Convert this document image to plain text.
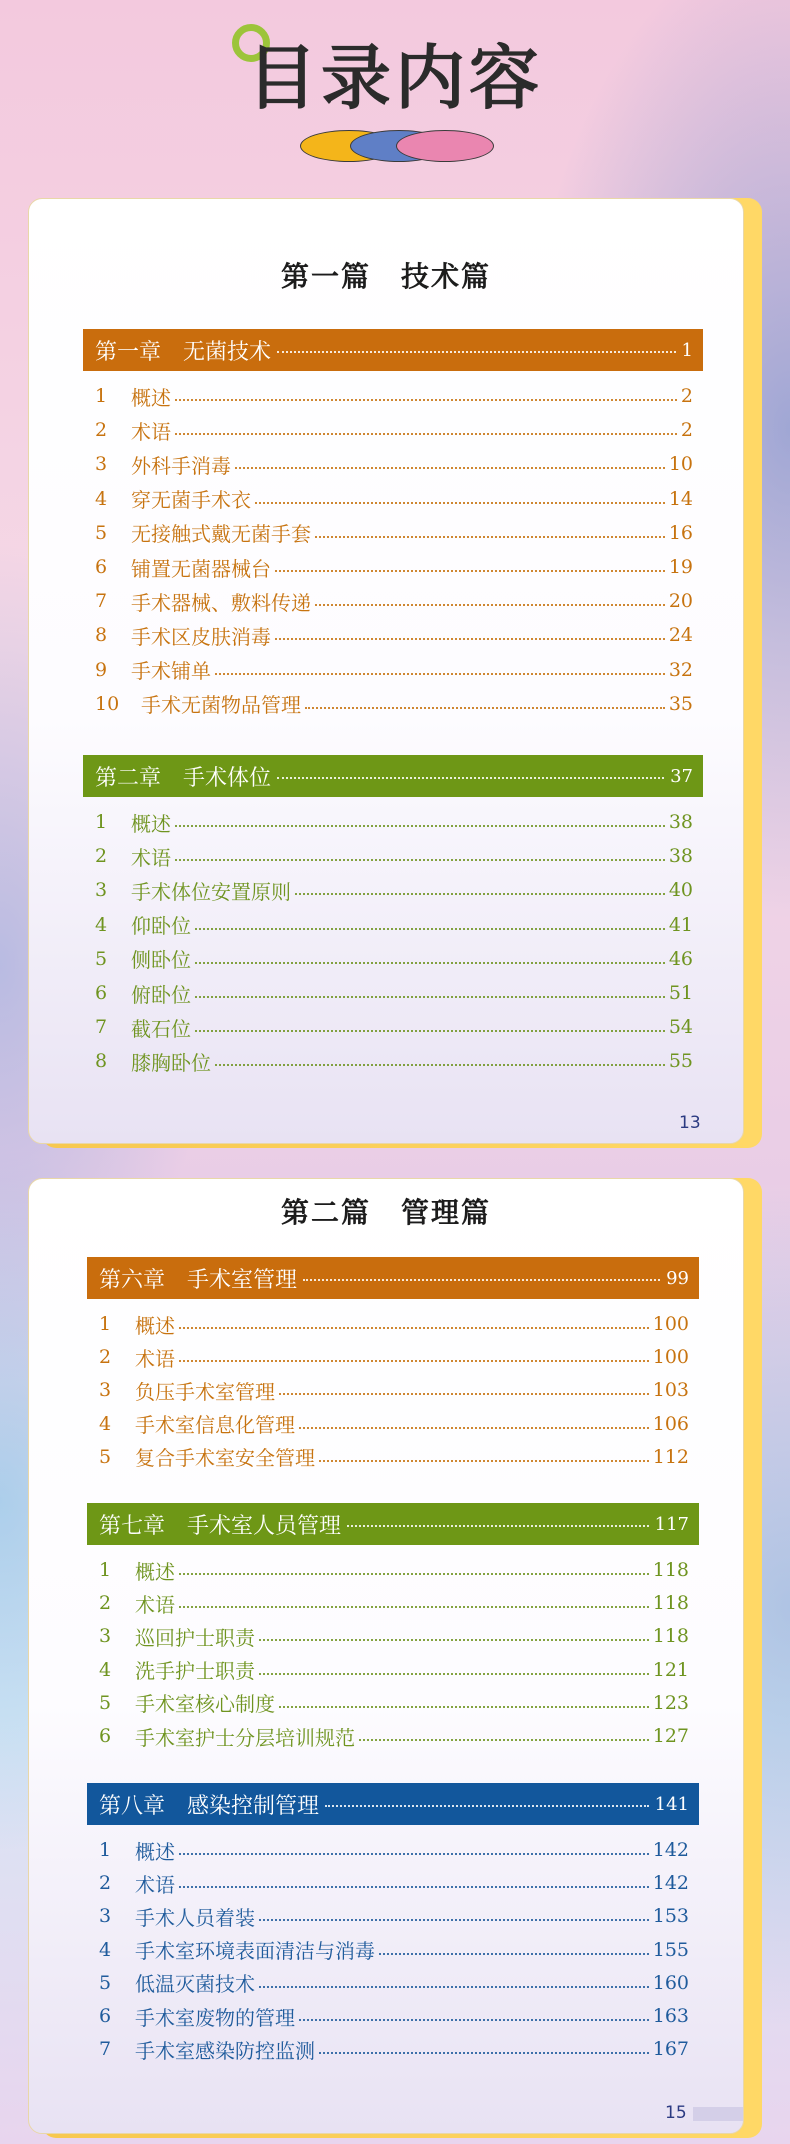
目录内容
第一篇　技术篇
第一章　无菌技术	1
1	概述	2
2	术语	2
3	外科手消毒	10
4	穿无菌手术衣	14
5	无接触式戴无菌手套	16
6	铺置无菌器械台	19
7	手术器械、敷料传递	20
8	手术区皮肤消毒	24
9	手术铺单	32
10	手术无菌物品管理	35
第二章　手术体位	37
1	概述	38
2	术语	38
3	手术体位安置原则	40
4	仰卧位	41
5	侧卧位	46
6	俯卧位	51
7	截石位	54
8	膝胸卧位	55
13
第二篇　管理篇
第六章　手术室管理	99
1	概述	100
2	术语	100
3	负压手术室管理	103
4	手术室信息化管理	106
5	复合手术室安全管理	112
第七章　手术室人员管理	117
1	概述	118
2	术语	118
3	巡回护士职责	118
4	洗手护士职责	121
5	手术室核心制度	123
6	手术室护士分层培训规范	127
第八章　感染控制管理	141
1	概述	142
2	术语	142
3	手术人员着装	153
4	手术室环境表面清洁与消毒	155
5	低温灭菌技术	160
6	手术室废物的管理	163
7	手术室感染防控监测	167
15
